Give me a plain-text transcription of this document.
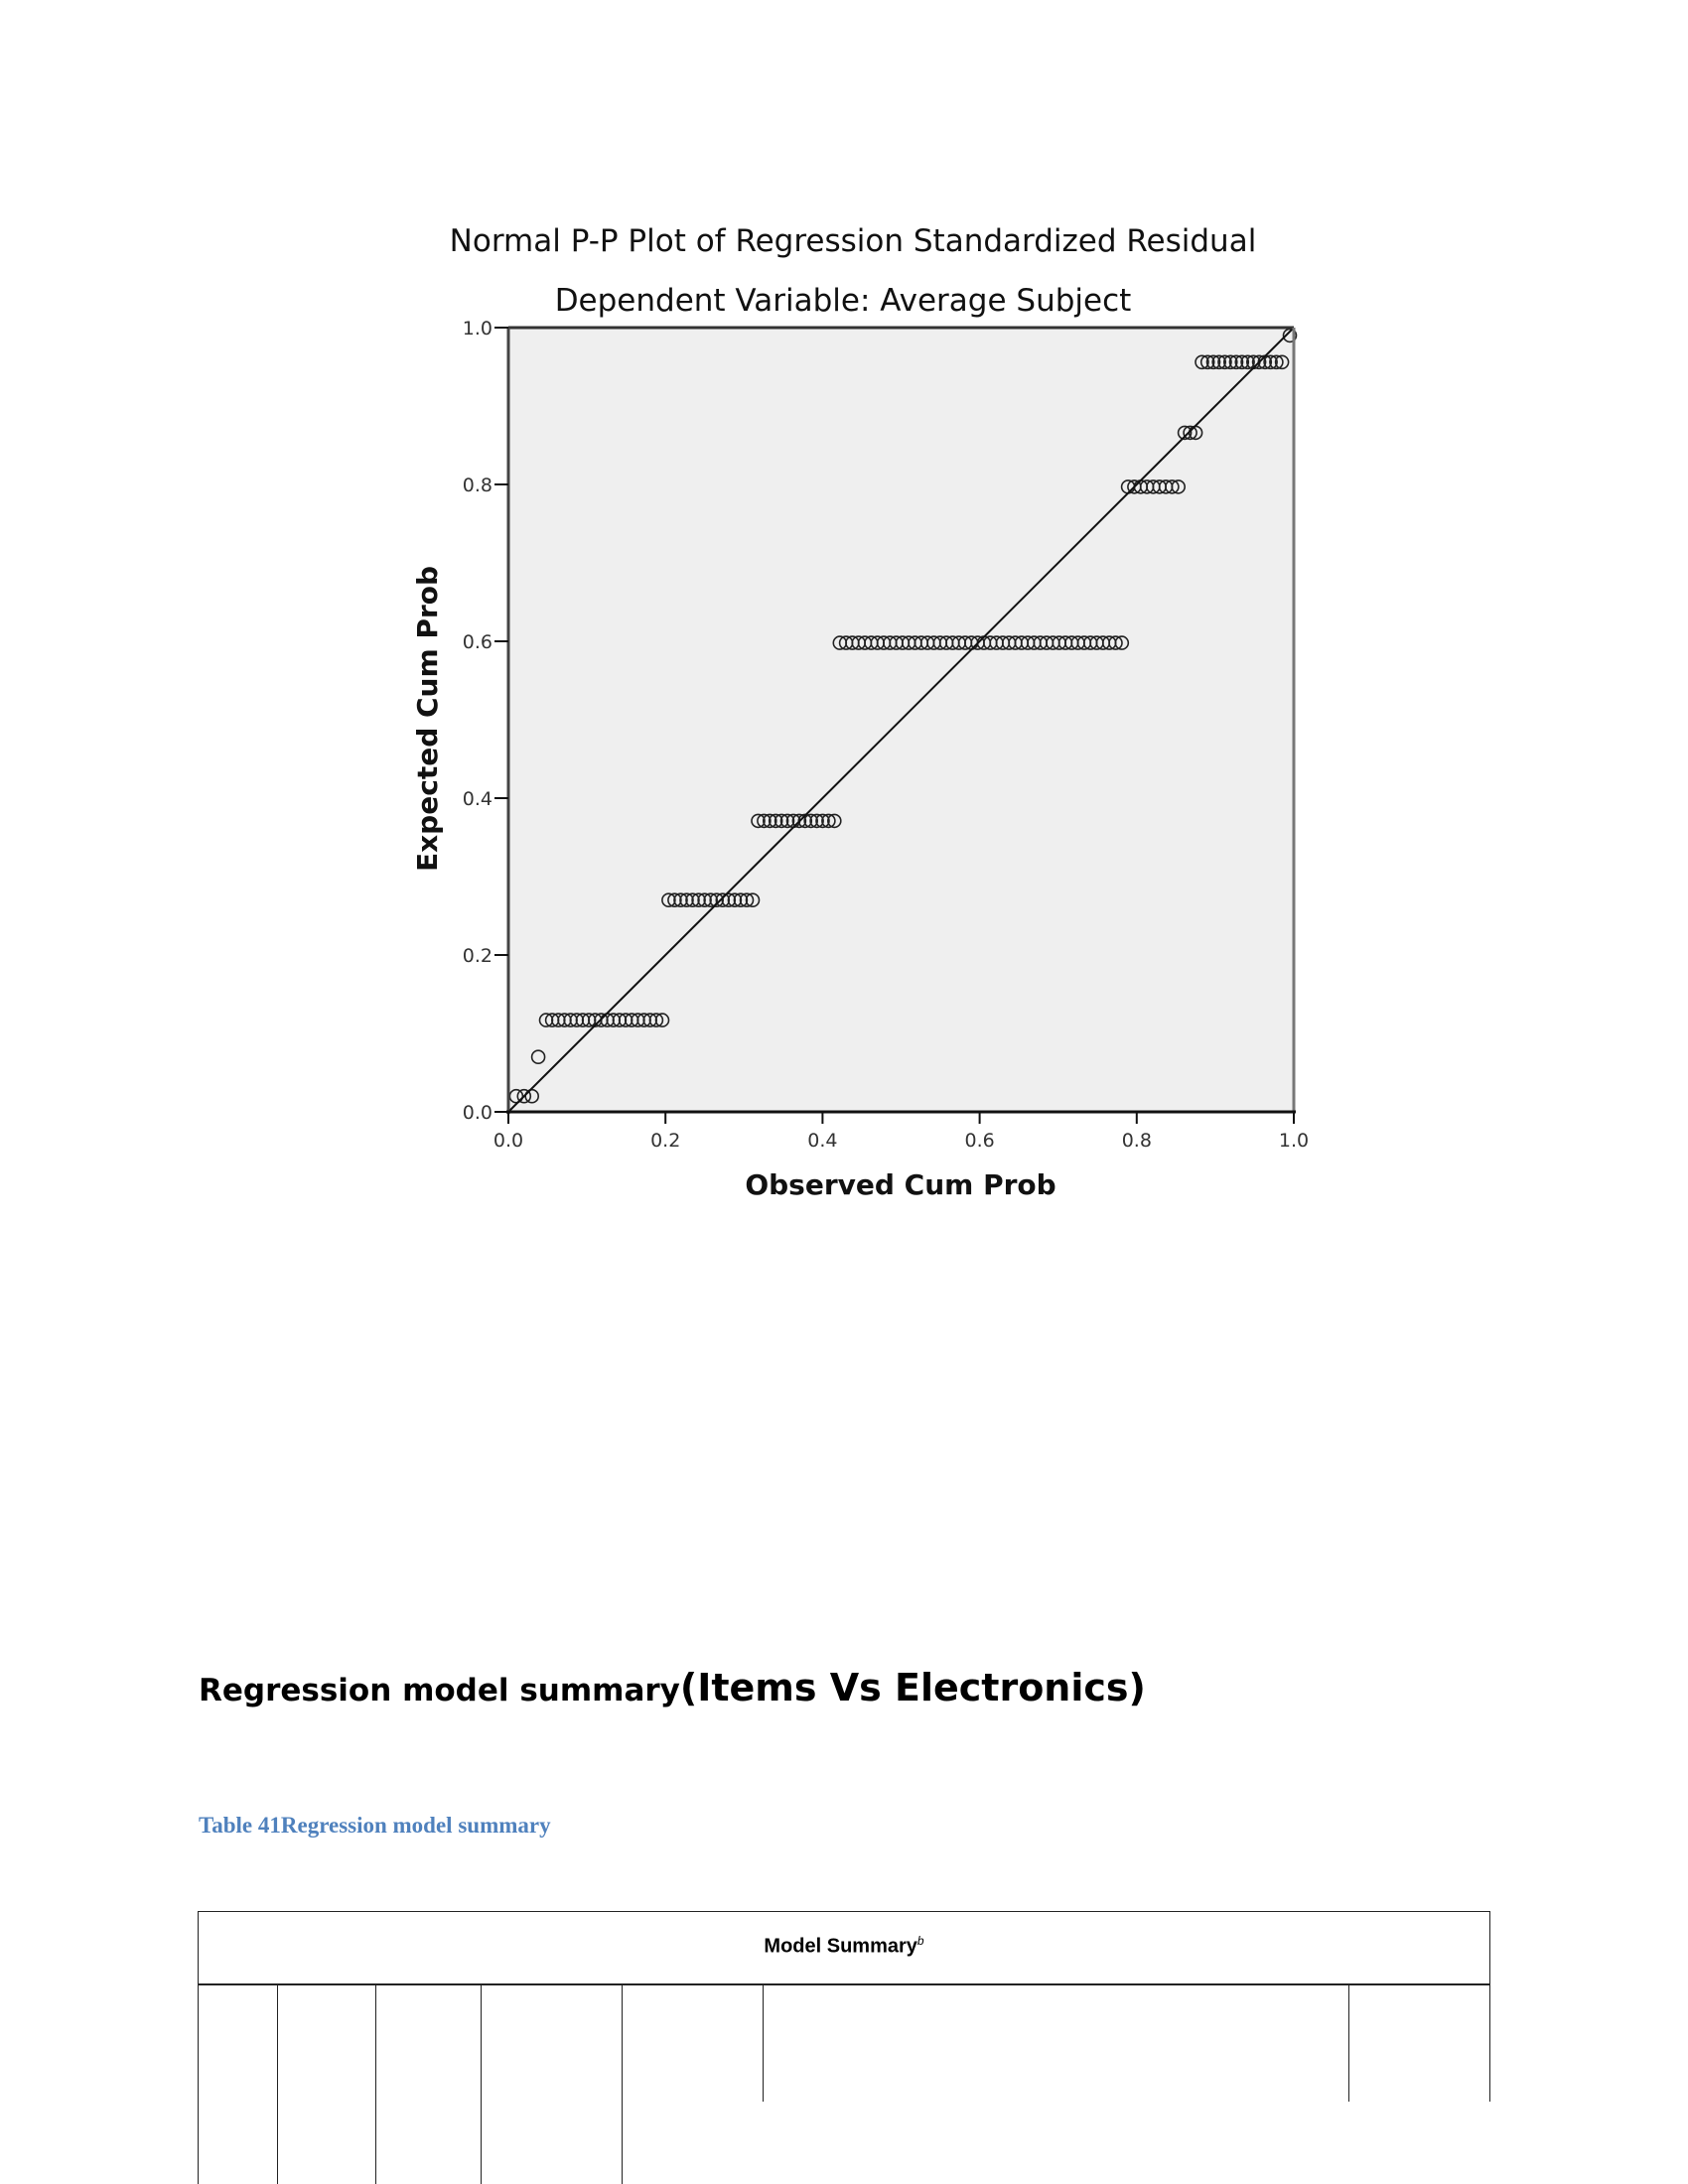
Normal P-P Plot of Regression Standardized Residual
Dependent Variable: Average Subject
0.0	0.2	0.4	0.6	0.8	1.0
0.0
0.2
0.4
0.6
0.8
1.0
Observed Cum Prob
Expected Cum Prob
Regression model summary(Items Vs Electronics)
Table 41Regression model summary
Model Summary$^b$
